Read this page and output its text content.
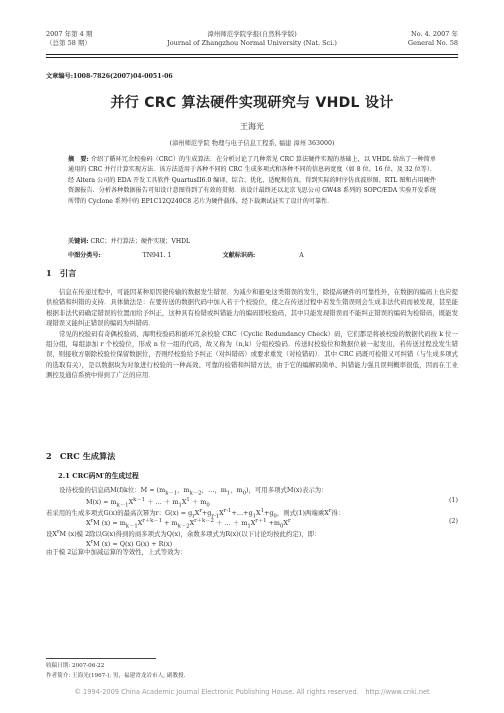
2007 年第 4 期
（总第 58 期）
漳州师范学院学报(自然科学版)
Journal of Zhangzhou Normal University (Nat. Sci.)
No. 4. 2007 年
General No. 58
文章编号:1008-7826(2007)04-0051-06
并行 CRC 算法硬件实现研究与 VHDL 设计
王海光
(漳州师范学院 物理与电子信息工程系, 福建 漳州 363000)
摘　要: 介绍了循环冗余校验码（CRC）的生成算法．在分析讨论了几种常见 CRC 算法硬件实现的基础上，以 VHDL 给出了一种简单通用的 CRC 并行计算实现方法．该方法适用于各种不同的 CRC 生成多项式和各种不同的信息码宽度（如 8 位、16 位、及 32 位等）．经 Altera 公司的 EDA 开发工具软件 QuartusII6.0 编译、综合、优化、适配和仿真，得到实际的时序仿真波形图、RTL 图和占用硬件资源报告．分析各种数据报告可知设计意图得到了有效的贯彻．该设计最终还以北京飞思公司 GW48 系列的 SOPC/EDA 实验开发系统所带的 Cyclone 系列中的 EP1C12Q240C8 芯片为硬件载体，经下载测试证实了设计的可靠性．
关键词: CRC；并行算法；硬件实现；VHDL
中图分类号:	TN941. 1	文献标识码:	A
1　引言

信息在传递过程中，可能因某种原因使传输的数据发生错误．为减少和避免这类错误的发生，除提高硬件的可靠性外，在数据的编码上也应提供检错和纠错的支持．具体做法是：在要传送的数据代码中加入若干个校验位，使之在传送过程中若发生错误则会生成非法代码而被发现，甚至能根据非法代码确定错误的位置而给予纠正，这种具有检错或纠错能力的编码即校验码，其中只能发现错误而不能纠正错误的编码为检错码，既能发现错误又能纠正错误的编码为纠错码．

常见的校验码有奇偶校验码、海明校验码和循环冗余校验 CRC（Cyclic Redundancy Check）码，它们都是将被校验的数据代码按 k 位一组分组，每组添加 r 个校验位，形成 n 位一组的代码，故又称为（n,k）分组校验码．传送时校验位和数据位被一起发出，若传送过程没发生错误，则接收方剔除校验位保留数据位，否则经校验给予纠正（对纠错码）或要求重发（对检错码）．其中 CRC 码既可检错又可纠错（与生成多项式的选取有关），是以数据块为对象进行校验的一种高效、可靠的检错和纠错方法，由于它的编解码简单、纠错能力强且误判概率很低，因而在工业测控及通信系统中得到了广泛的应用．

2　CRC 生成算法
2.1 CRC码M′的生成过程
设待校验的信息码M(f)k位：$M = (m_{k-1}$，$m_{k-2}$，…，$m_1$，$m_0$)，可用多项式M(x)表示为：
$M(x) = m_{k-1}X^{k-1}$ ＋ … ＋ $m_1X^1 + m_0$
(1)
若采用的生成多项式G(x)的最高次幂为r：$G(x) = g_rX^r+g_{r-1}X^{r-1}+\dots+g_1X^1+g_0$，则式(1)两端乘$X^r$得：
$X^rM$ $(x) = m_{k-1}X^{r+k-1} + m_{k-2}X^{r+k-2}$ ＋ … ＋ $m_1X^{r+1} +m_0X^r$	(2)
设$X^rM$ (x)模 2除以G(x)得到的商多项式为Q(x)，余数多项式为R(x)(以下讨论均按此约定)，即：
$X^rM$ (x) = Q(x) G(x) + R(x)
由于模 2运算中加减运算的等效性，上式等效为：
收稿日期: 2007-06-22
作者简介: 王海光(1967-), 男，福建省龙岩市人, 副教授.
© 1994-2009 China Academic Journal Electronic Publishing House. All rights reserved.　http://www.cnki.net
